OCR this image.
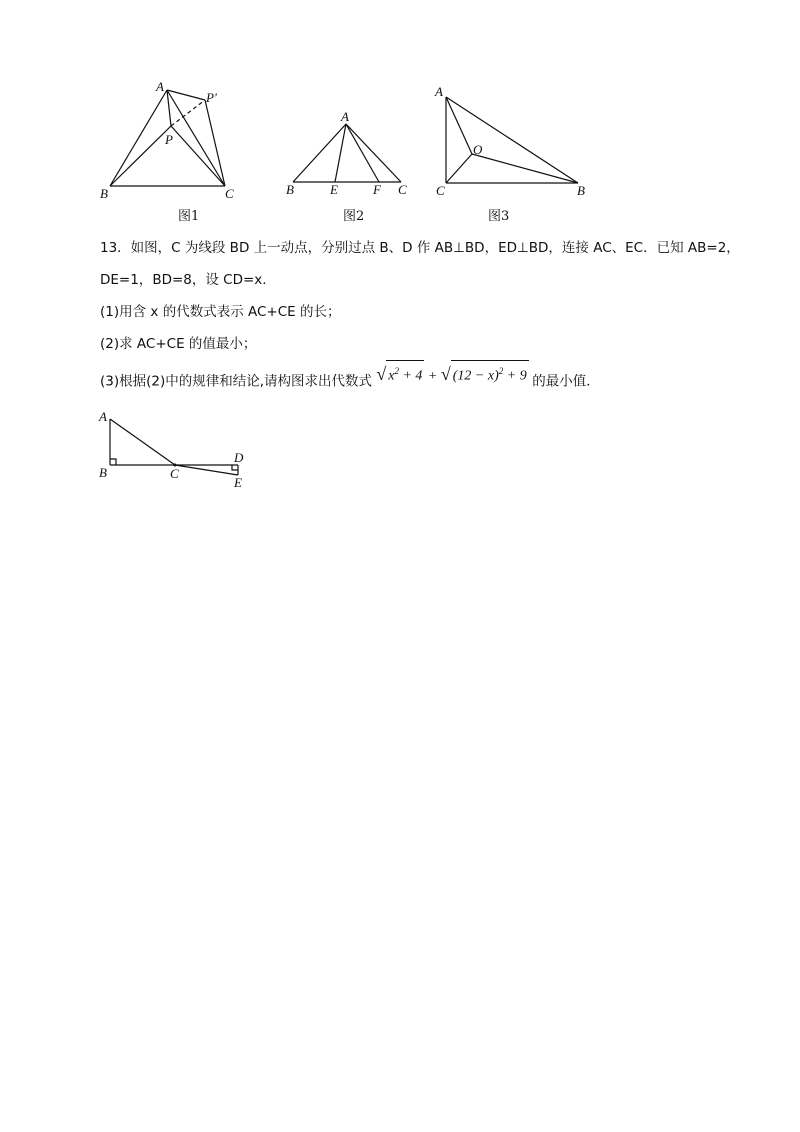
A
P'
P
B	C
图1
A
B	E	F C
图2
A
O
C	B
图3
13．如图，C 为线段 BD 上一动点，分别过点 B、D 作 AB⊥BD，ED⊥BD，连接 AC、EC．已知 AB=2，
DE=1，BD=8，设 CD=x.
(1)用含 x 的代数式表示 AC+CE 的长；
(2)求 AC+CE 的值最小；
(3)根据(2)中的规律和结论,请构图求出代数式 √ $x^2 + 4$ + √ $(12 - x)^2 + 9$ 的最小值．
A
B	C
D
E
